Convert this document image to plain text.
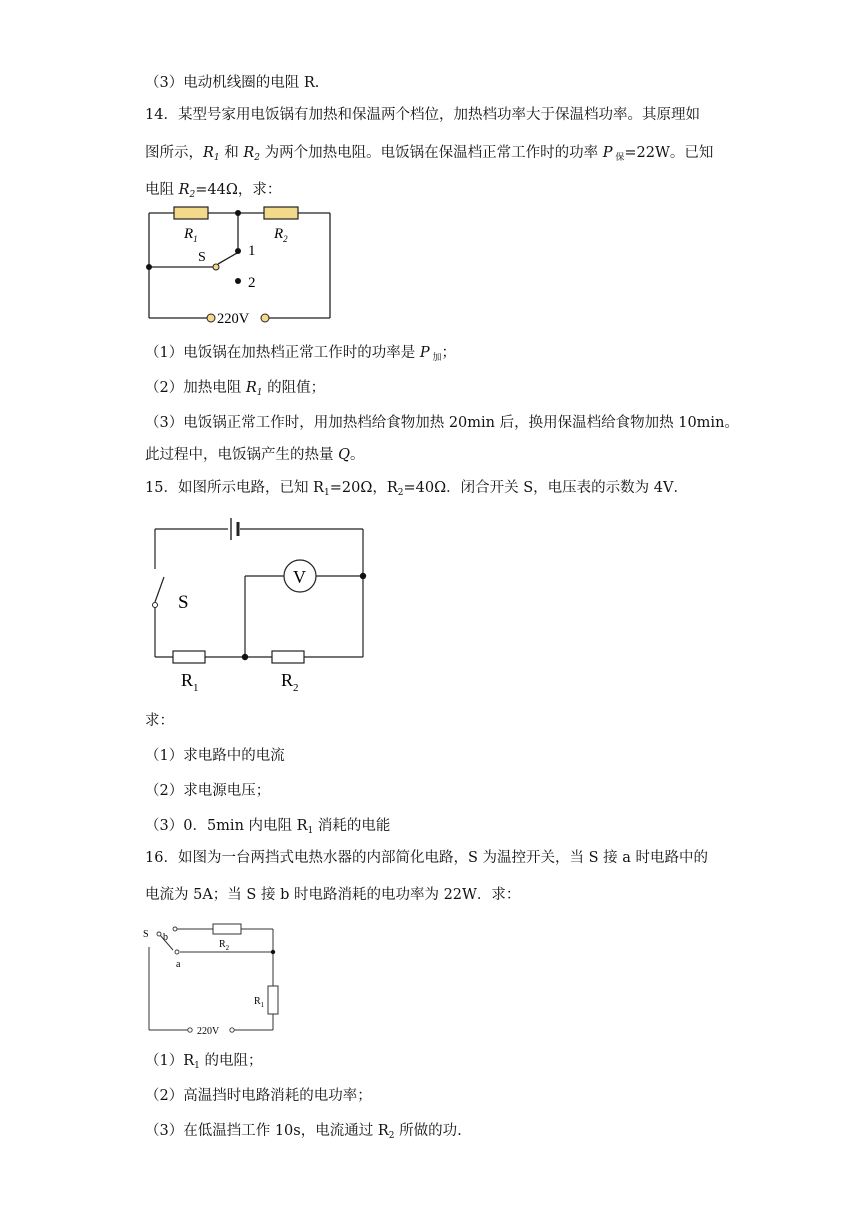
（3）电动机线圈的电阻 R.
14．某型号家用电饭锅有加热和保温两个档位，加热档功率大于保温档功率。其原理如
图所示，$R_1$ 和 $R_2$ 为两个加热电阻。电饭锅在保温档正常工作时的功率 P $_保$=22W。已知
电阻 $R_2=44\Omega$，求：
（1）电饭锅在加热档正常工作时的功率是 P $_加$；
（2）加热电阻 $R_1$ 的阻值；
（3）电饭锅正常工作时，用加热档给食物加热 20min 后，换用保温档给食物加热 10min。
此过程中，电饭锅产生的热量 Q。
15．如图所示电路，已知 $R_1=20\Omega$，$R_2=40\Omega$．闭合开关 S，电压表的示数为 4V．
求：
（1）求电路中的电流
（2）求电源电压；
（3）0．5min 内电阻 $R_1$ 消耗的电能
16．如图为一台两挡式电热水器的内部简化电路，S 为温控开关，当 S 接 a 时电路中的
电流为 5A；当 S 接 b 时电路消耗的电功率为 22W．求：
$(1)R_1$ 的电阻；
（2）高温挡时电路消耗的电功率；
（3）在低温挡工作 10s，电流通过 $R_2$ 所做的功.
$R_1$	$R_2$
S	1
2
220V
V
S
$R_1$	$R_2$
S b
a
$R_2$
$R_1$
220V
